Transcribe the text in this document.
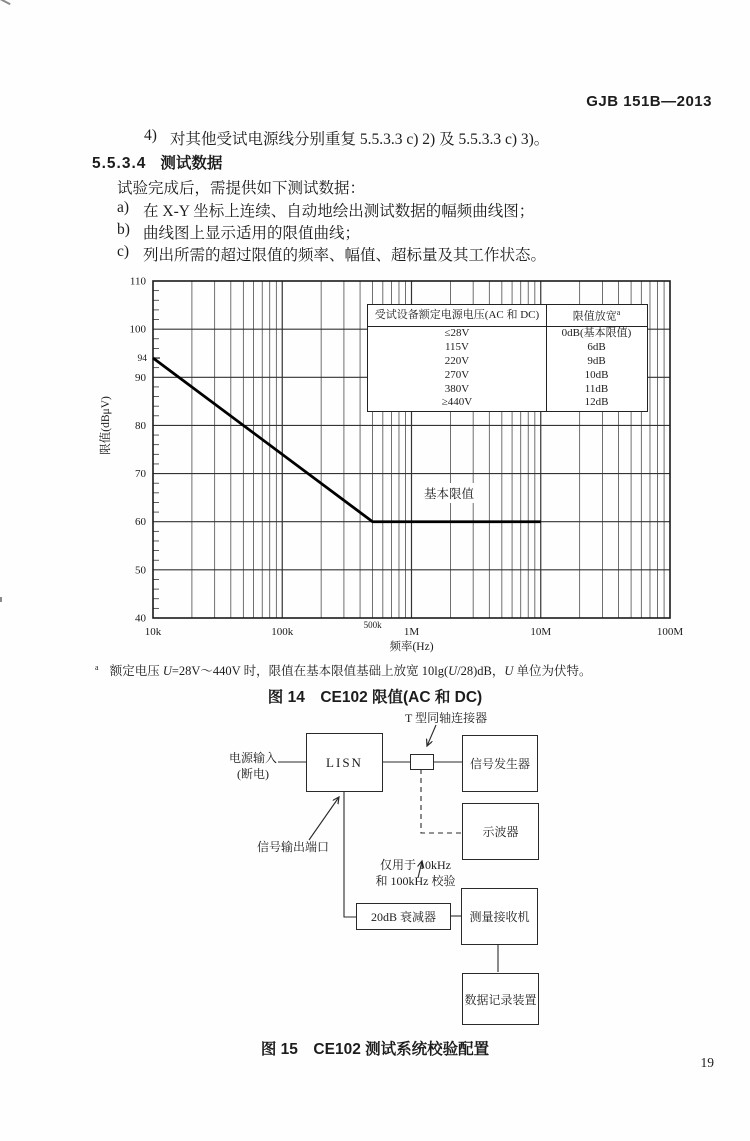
GJB 151B—2013
4) 对其他受试电源线分别重复 5.5.3.3 c) 2) 及 5.5.3.3 c) 3)。
5.5.3.4 测试数据
试验完成后，需提供如下测试数据：
a) 在 X-Y 坐标上连续、自动地绘出测试数据的幅频曲线图；
b) 曲线图上显示适用的限值曲线；
c) 列出所需的超过限值的频率、幅值、超标量及其工作状态。
40
50
60
70
80
90
100
110
94
10k	100k	1M	10M	100M
500k
频率(Hz)
限值(dBμV)
受试设备额定电源电压(AC 和 DC)	限值放宽$^a$
≤28V	0dB(基本限值)
115V	6dB
220V	9dB
270V	10dB
380V	11dB
≥440V	12dB
基本限值
$^a$ 额定电压 U=28V～440V 时，限值在基本限值基础上放宽 10lg(U/28)dB，U 单位为伏特。
图 14　CE102 限值(AC 和 DC)
LISN	信号发生器
示波器
20dB 衰减器	测量接收机
数据记录装置
电源输入
(断电)
T 型同轴连接器
信号输出端口
仅用于 10kHz
和 100kHz 校验
图 15　CE102 测试系统校验配置
19
